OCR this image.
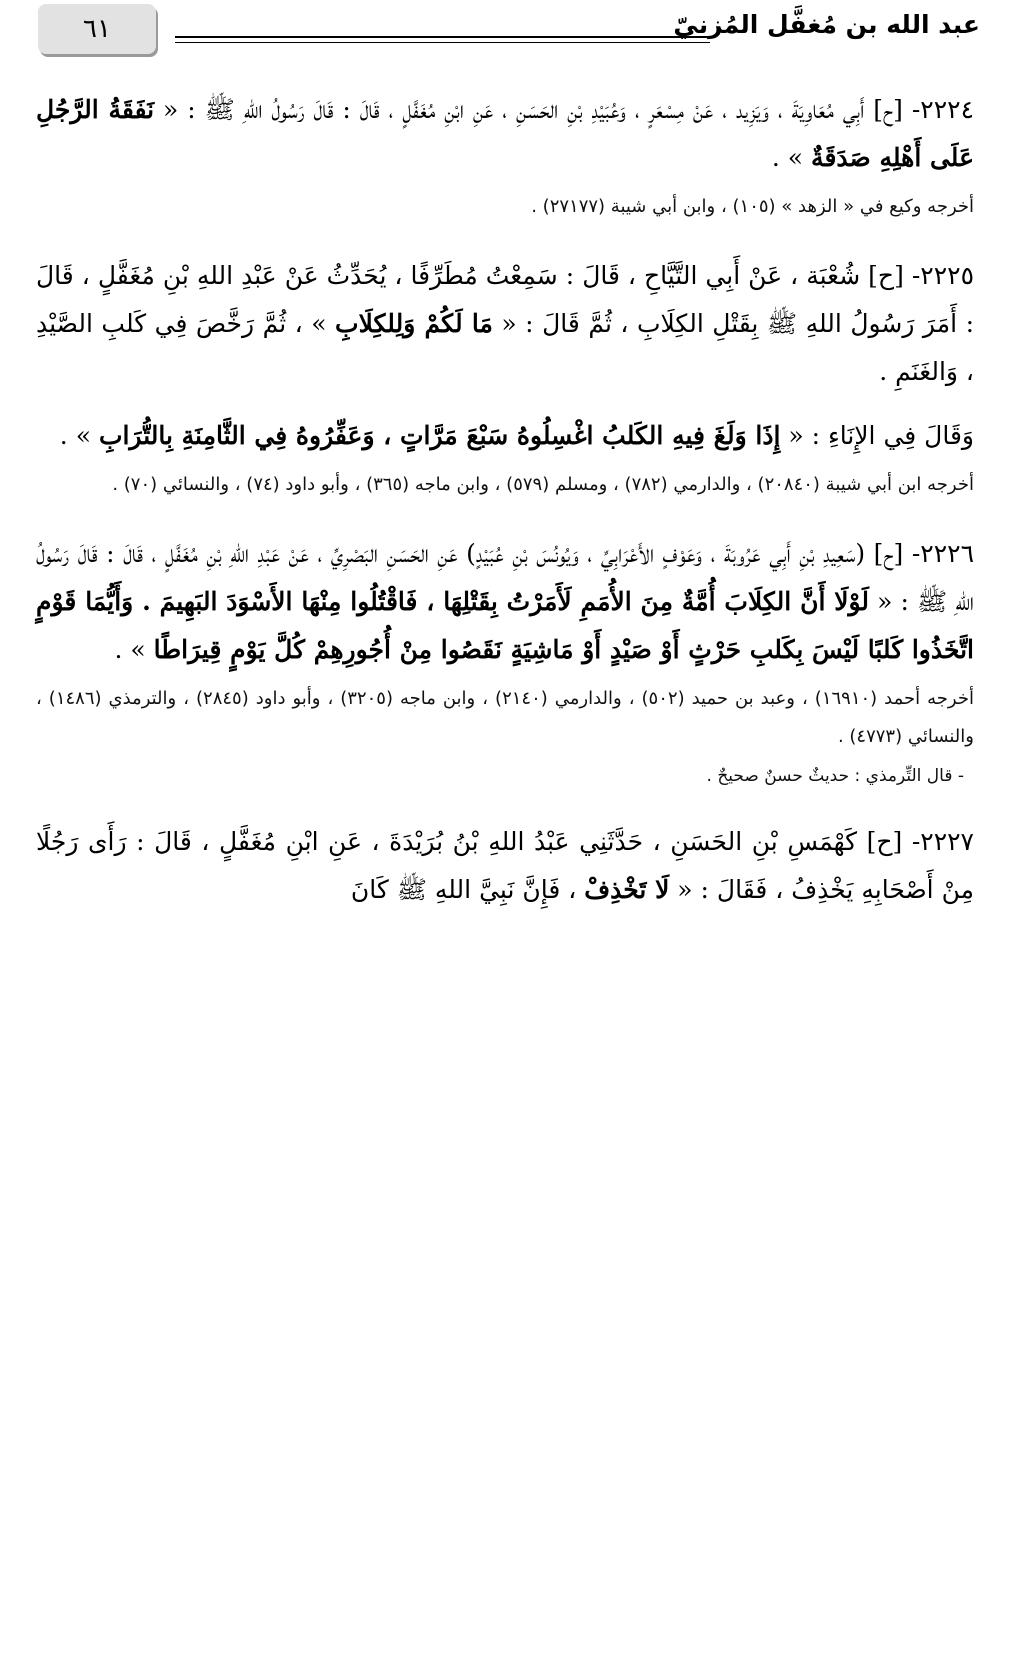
٦١	عبد الله بن مُغفَّل المُزنيّ

٢٢٢٤- [ح] أَبِي مُعَاوِيَةَ ، وَيَزِيد ، عَنْ مِسْعَرٍ ، وَعُبَيْدِ بْنِ الحَسَنِ ، عَنِ ابْنِ مُغَفَّلٍ ، قَالَ : قَالَ رَسُولُ اللهِ ﷺ : « نَفَقَةُ الرَّجُلِ عَلَى أَهْلِهِ صَدَقَةٌ » .

أخرجه وكيع في « الزهد » (١٠٥) ، وابن أبي شيبة (٢٧١٧٧) .

٢٢٢٥- [ح] شُعْبَة ، عَنْ أَبِي التَّيَّاحِ ، قَالَ : سَمِعْتُ مُطَرِّفًا ، يُحَدِّثُ عَنْ عَبْدِ اللهِ بْنِ مُغَفَّلٍ ، قَالَ : أَمَرَ رَسُولُ اللهِ ﷺ بِقَتْلِ الكِلَابِ ، ثُمَّ قَالَ : « مَا لَكُمْ وَلِلكِلَابِ » ، ثُمَّ رَخَّصَ فِي كَلبِ الصَّيْدِ ، وَالغَنَمِ .

وَقَالَ فِي الإِنَاءِ : « إِذَا وَلَغَ فِيهِ الكَلبُ اغْسِلُوهُ سَبْعَ مَرَّاتٍ ، وَعَفِّرُوهُ فِي الثَّامِنَةِ بِالتُّرَابِ » .

أخرجه ابن أبي شيبة (٢٠٨٤٠) ، والدارمي (٧٨٢) ، ومسلم (٥٧٩) ، وابن ماجه (٣٦٥) ، وأبو داود (٧٤) ، والنسائي (٧٠) .

٢٢٢٦- [ح] (سَعِيدِ بْنِ أَبِي عَرُوبَةَ ، وَعَوْفٍ الأَعْرَابِيِّ ، وَيُونُسَ بْنِ عُبَيْدٍ) عَنِ الحَسَنِ البَصْرِيِّ ، عَنْ عَبْدِ اللهِ بْنِ مُغَفَّلٍ ، قَالَ : قَالَ رَسُولُ اللهِ ﷺ : « لَوْلَا أَنَّ الكِلَابَ أُمَّةٌ مِنَ الأُمَمِ لَأَمَرْتُ بِقَتْلِهَا ، فَاقْتُلُوا مِنْهَا الأَسْوَدَ البَهِيمَ . وَأَيُّمَا قَوْمٍ اتَّخَذُوا كَلبًا لَيْسَ بِكَلبِ حَرْثٍ أَوْ صَيْدٍ أَوْ مَاشِيَةٍ نَقَصُوا مِنْ أُجُورِهِمْ كُلَّ يَوْمٍ قِيرَاطًا » .

أخرجه أحمد (١٦٩١٠) ، وعبد بن حميد (٥٠٢) ، والدارمي (٢١٤٠) ، وابن ماجه (٣٢٠٥) ، وأبو داود (٢٨٤٥) ، والترمذي (١٤٨٦) ، والنسائي (٤٧٧٣) .

- قال التِّرمذي : حديثٌ حسنٌ صحيحٌ .

٢٢٢٧- [ح] كَهْمَسِ بْنِ الحَسَنِ ، حَدَّثَنِي عَبْدُ اللهِ بْنُ بُرَيْدَةَ ، عَنِ ابْنِ مُغَفَّلٍ ، قَالَ : رَأَى رَجُلًا مِنْ أَصْحَابِهِ يَخْذِفُ ، فَقَالَ : « لَا تَخْذِفْ ، فَإِنَّ نَبِيَّ اللهِ ﷺ كَانَ
